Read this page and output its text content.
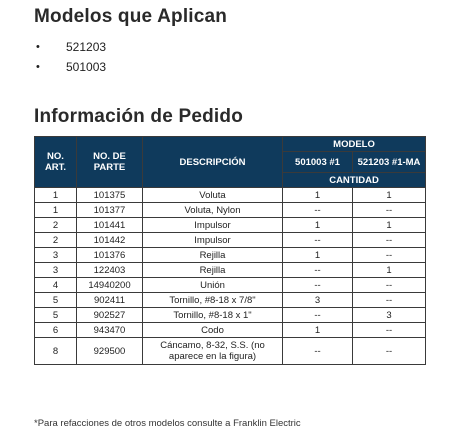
Modelos que Aplican
• 521203
• 501003
Información de Pedido
NO. ART.	NO. DE PARTE	DESCRIPCIÓN	MODELO	
			501003 #1	521203 #1-MA
			CANTIDAD	
1	101375	Voluta	1	1
1	101377	Voluta, Nylon	--	--
2	101441	Impulsor	1	1
2	101442	Impulsor	--	--
3	101376	Rejilla	1	--
3	122403	Rejilla	--	1
4	14940200	Unión	--	--
5	902411	Tornillo, #8-18 x 7/8"	3	--
5	902527	Tornillo, #8-18 x 1"	--	3
6	943470	Codo	1	--
8	929500	Cáncamo, 8-32, S.S. (no aparece en la figura)	--	--

*Para refacciones de otros modelos consulte a Franklin Electric
